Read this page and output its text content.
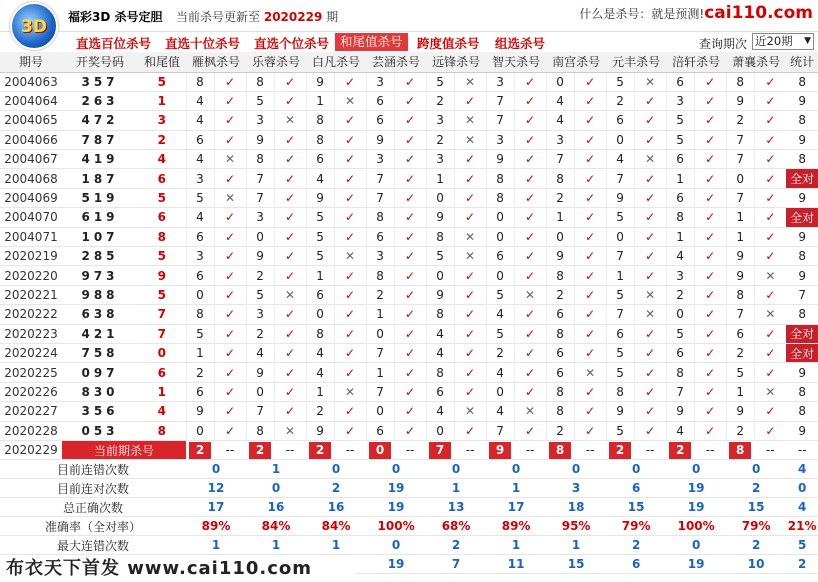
3D 福彩3D 杀号定胆 当前杀号更新至 2020229 期	什么是杀号：就是预测!cai110.com
查询期次 近20期 ▼
直选百位杀号 直选十位杀号 直选个位杀号 和尾值杀号	跨度值杀号 组选杀号
期号	开奖号码	和尾值	雁枫杀号		乐蓉杀号		白凡杀号		芸涵杀号		远锋杀号		智天杀号		南宫杀号		元丰杀号		涪轩杀号		萧襄杀号		统计
2004063	357	5	8	✓	8	✓	9	✓	3	✓	5	✕	3	✓	0	✓	5	✕	6	✓	8	✓	8
2004064	263	1	4	✓	5	✓	1	✕	6	✓	2	✓	7	✓	4	✓	2	✓	3	✓	9	✓	9
2004065	472	3	4	✓	3	✕	8	✓	6	✓	3	✕	7	✓	4	✓	6	✓	5	✓	2	✓	8
2004066	787	2	6	✓	9	✓	8	✓	9	✓	2	✕	3	✓	3	✓	0	✓	5	✓	7	✓	9
2004067	419	4	4	✕	8	✓	6	✓	3	✓	3	✓	9	✓	7	✓	4	✕	6	✓	7	✓	8
2004068	187	6	3	✓	7	✓	4	✓	7	✓	1	✓	8	✓	8	✓	7	✓	1	✓	0	✓	全对
2004069	519	5	5	✕	7	✓	9	✓	7	✓	0	✓	8	✓	2	✓	9	✓	6	✓	7	✓	9
2004070	619	6	4	✓	3	✓	5	✓	8	✓	9	✓	0	✓	1	✓	5	✓	8	✓	1	✓	全对
2004071	107	8	6	✓	0	✓	5	✓	6	✓	8	✕	0	✓	0	✓	0	✓	1	✓	1	✓	9
2020219	285	5	3	✓	9	✓	5	✕	3	✓	5	✕	6	✓	9	✓	7	✓	4	✓	9	✓	8
2020220	973	9	6	✓	2	✓	1	✓	8	✓	0	✓	0	✓	8	✓	1	✓	3	✓	9	✕	9
2020221	988	5	0	✓	5	✕	6	✓	2	✓	9	✓	5	✕	2	✓	5	✕	2	✓	8	✓	7
2020222	638	7	8	✓	3	✓	0	✓	1	✓	8	✓	4	✓	6	✓	7	✕	0	✓	7	✕	8
2020223	421	7	5	✓	2	✓	8	✓	0	✓	4	✓	5	✓	8	✓	6	✓	5	✓	6	✓	全对
2020224	758	0	1	✓	4	✓	4	✓	7	✓	4	✓	2	✓	6	✓	5	✓	6	✓	2	✓	全对
2020225	097	6	2	✓	9	✓	4	✓	1	✓	8	✓	4	✓	6	✕	5	✓	8	✓	5	✓	9
2020226	830	1	6	✓	0	✓	1	✕	7	✓	6	✓	0	✓	8	✓	8	✓	7	✓	1	✕	8
2020227	356	4	9	✓	7	✓	2	✓	0	✓	4	✕	4	✕	8	✓	9	✓	9	✓	9	✓	8
2020228	053	8	0	✓	8	✕	9	✓	6	✓	0	✓	7	✓	2	✓	5	✓	4	✓	2	✓	9
2020229	当前期杀号		2	--	2	--	2	--	0	--	7	--	9	--	8	--	2	--	2	--	8	--	--
目前连错次数			0		1		0		0		0		0		0		0		0		0		4
目前连对次数			12		0		2		19		1		1		3		6		19		2		0
总正确次数			17		16		16		19		13		17		18		15		19		15		4
准确率（全对率）			89%		84%		84%		100%		68%		89%		95%		79%		100%		79%		21%
最大连错次数			1		1		1		0		2		1		1		2		0		2		5
									19		7		11		15		6		19		10		2
布衣天下首发 www.cai110.com
